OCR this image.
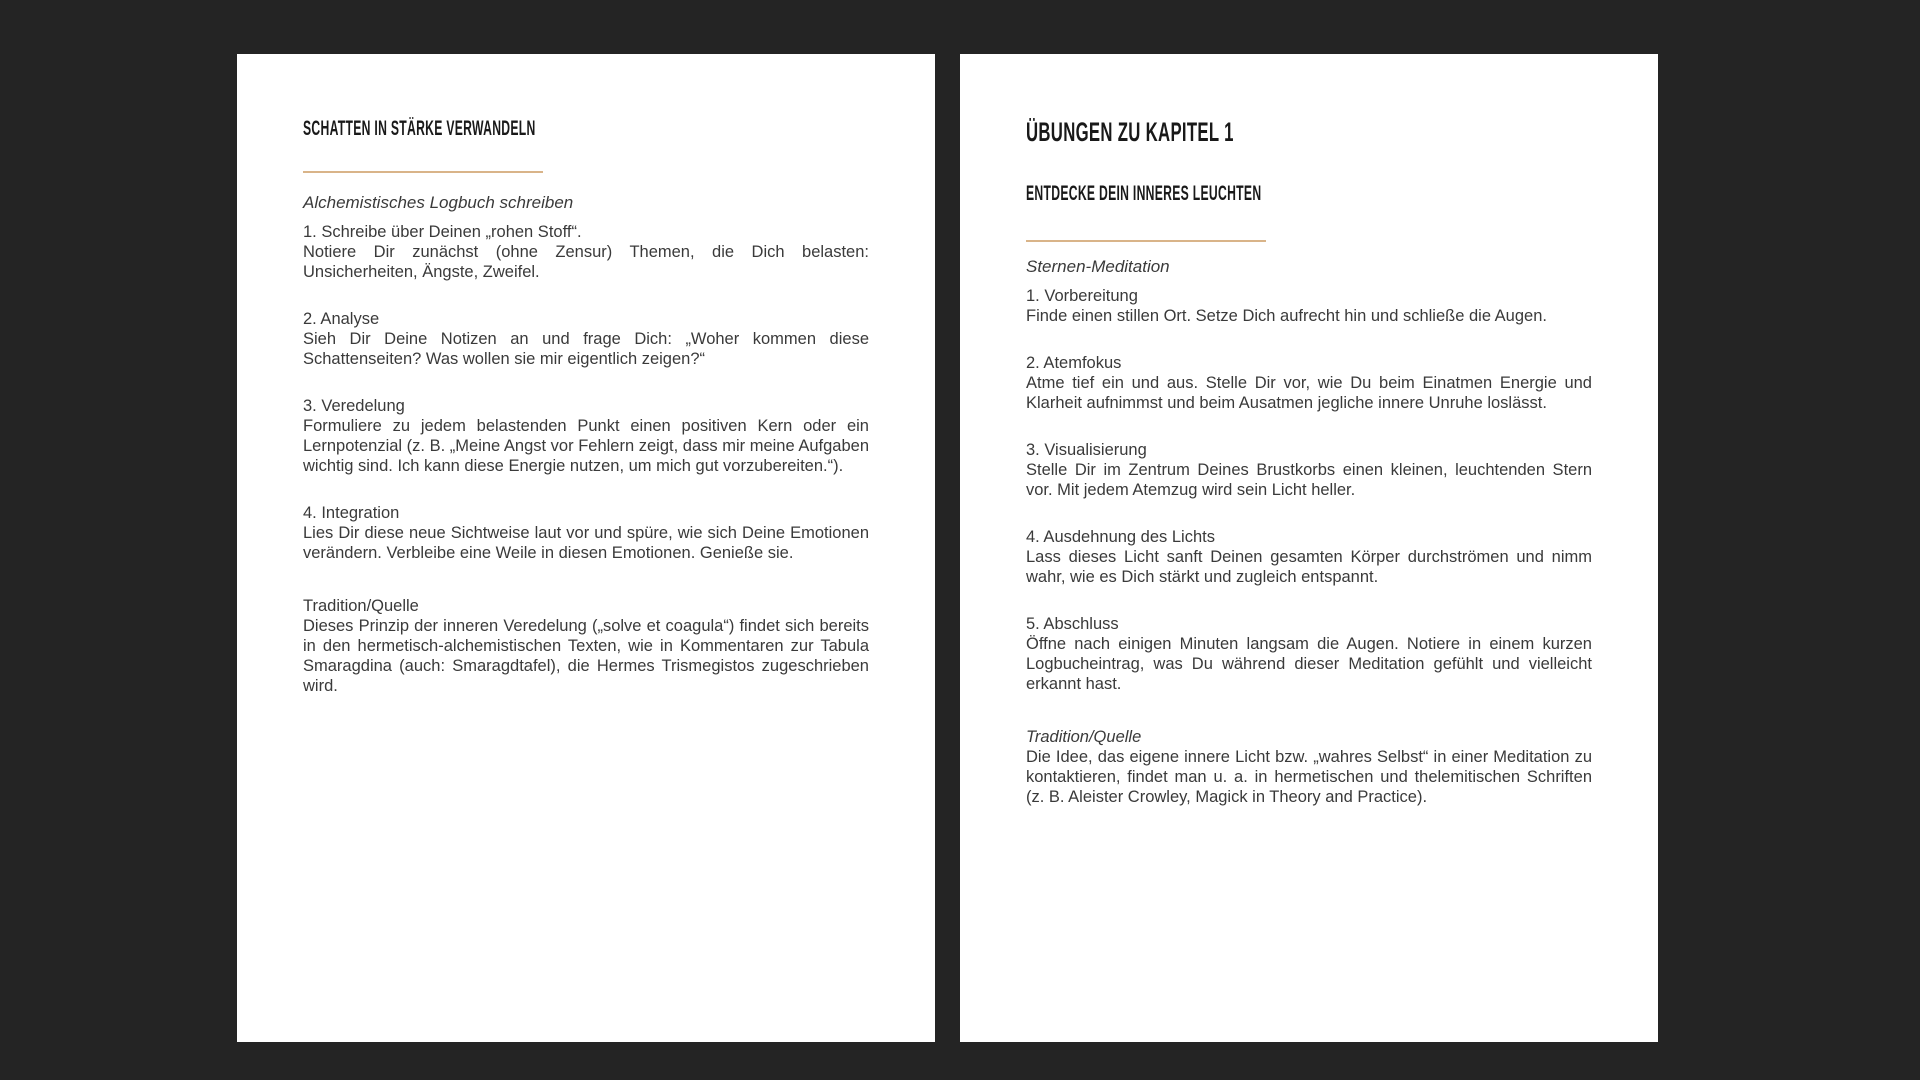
SCHATTEN IN STÄRKE VERWANDELN
Alchemistisches Logbuch schreiben
1. Schreibe über Deinen „rohen Stoff“.
Notiere Dir zunächst (ohne Zensur) Themen, die Dich belasten: Unsicherheiten, Ängste, Zweifel.
2. Analyse
Sieh Dir Deine Notizen an und frage Dich: „Woher kommen diese Schattenseiten? Was wollen sie mir eigentlich zeigen?“
3. Veredelung
Formuliere zu jedem belastenden Punkt einen positiven Kern oder ein Lernpotenzial (z. B. „Meine Angst vor Fehlern zeigt, dass mir meine Aufgaben wichtig sind. Ich kann diese Energie nutzen, um mich gut vorzubereiten.“).
4. Integration
Lies Dir diese neue Sichtweise laut vor und spüre, wie sich Deine Emotionen verändern. Verbleibe eine Weile in diesen Emotionen. Genieße sie.
Tradition/Quelle
Dieses Prinzip der inneren Veredelung („solve et coagula“) findet sich bereits in den hermetisch-alchemistischen Texten, wie in Kommentaren zur Tabula Smaragdina (auch: Smaragdtafel), die Hermes Trismegistos zugeschrieben wird.
ÜBUNGEN ZU KAPITEL 1
ENTDECKE DEIN INNERES LEUCHTEN
Sternen-Meditation
1. Vorbereitung
Finde einen stillen Ort. Setze Dich aufrecht hin und schließe die Augen.
2. Atemfokus
Atme tief ein und aus. Stelle Dir vor, wie Du beim Einatmen Energie und Klarheit aufnimmst und beim Ausatmen jegliche innere Unruhe loslässt.
3. Visualisierung
Stelle Dir im Zentrum Deines Brustkorbs einen kleinen, leuchtenden Stern vor. Mit jedem Atemzug wird sein Licht heller.
4. Ausdehnung des Lichts
Lass dieses Licht sanft Deinen gesamten Körper durchströmen und nimm wahr, wie es Dich stärkt und zugleich entspannt.
5. Abschluss
Öffne nach einigen Minuten langsam die Augen. Notiere in einem kurzen Logbucheintrag, was Du während dieser Meditation gefühlt und vielleicht erkannt hast.
Tradition/Quelle
Die Idee, das eigene innere Licht bzw. „wahres Selbst“ in einer Meditation zu kontaktieren, findet man u. a. in hermetischen und thelemitischen Schriften (z. B. Aleister Crowley, Magick in Theory and Practice).
